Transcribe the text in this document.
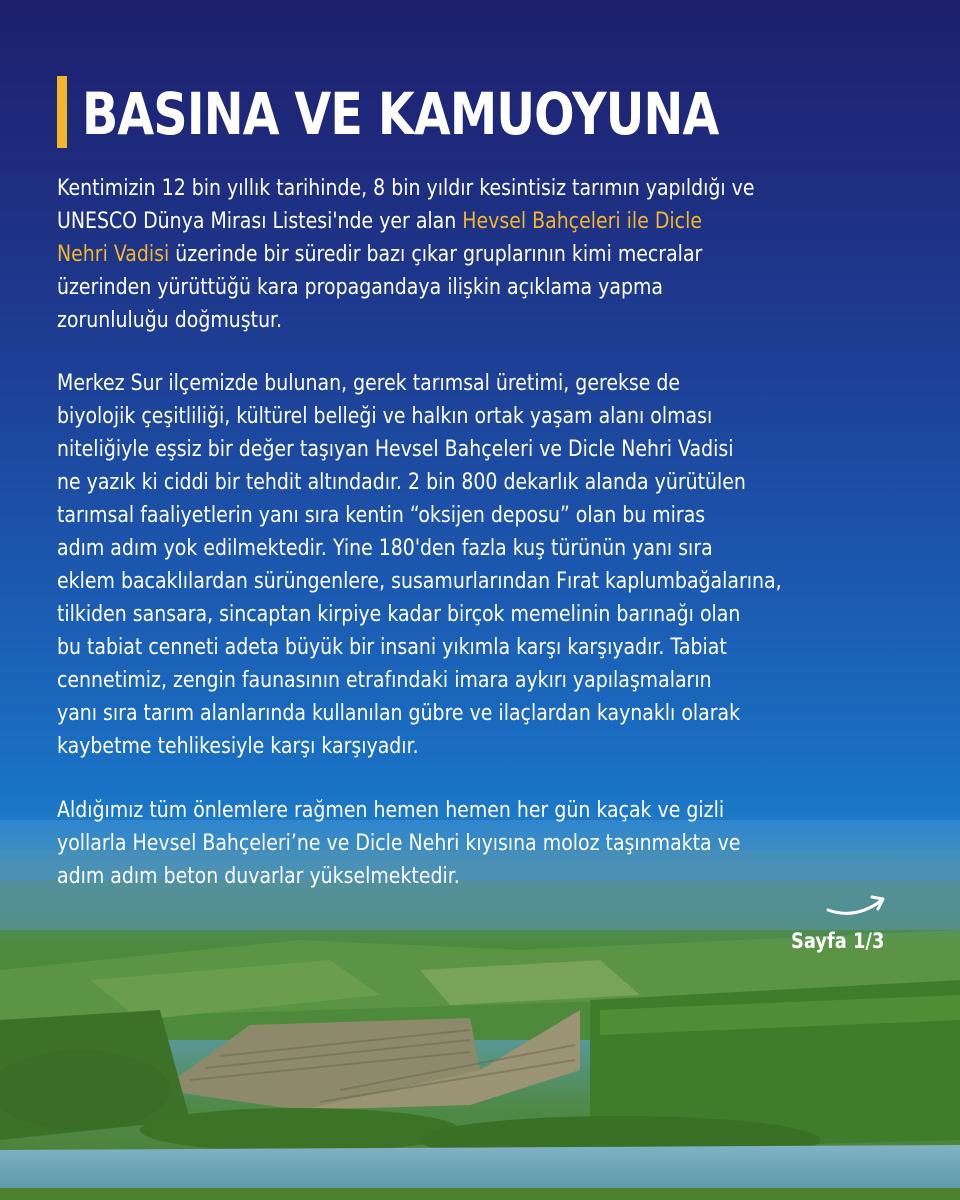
BASINA VE KAMUOYUNA

Kentimizin 12 bin yıllık tarihinde, 8 bin yıldır kesintisiz tarımın yapıldığı ve
UNESCO Dünya Mirası Listesi'nde yer alan Hevsel Bahçeleri ile Dicle
Nehri Vadisi üzerinde bir süredir bazı çıkar gruplarının kimi mecralar
üzerinden yürüttüğü kara propagandaya ilişkin açıklama yapma
zorunluluğu doğmuştur.

Merkez Sur ilçemizde bulunan, gerek tarımsal üretimi, gerekse de
biyolojik çeşitliliği, kültürel belleği ve halkın ortak yaşam alanı olması
niteliğiyle eşsiz bir değer taşıyan Hevsel Bahçeleri ve Dicle Nehri Vadisi
ne yazık ki ciddi bir tehdit altındadır. 2 bin 800 dekarlık alanda yürütülen
tarımsal faaliyetlerin yanı sıra kentin “oksijen deposu” olan bu miras
adım adım yok edilmektedir. Yine 180'den fazla kuş türünün yanı sıra
eklem bacaklılardan sürüngenlere, susamurlarından Fırat kaplumbağalarına,
tilkiden sansara, sincaptan kirpiye kadar birçok memelinin barınağı olan
bu tabiat cenneti adeta büyük bir insani yıkımla karşı karşıyadır. Tabiat
cennetimiz, zengin faunasının etrafındaki imara aykırı yapılaşmaların
yanı sıra tarım alanlarında kullanılan gübre ve ilaçlardan kaynaklı olarak
kaybetme tehlikesiyle karşı karşıyadır.

Aldığımız tüm önlemlere rağmen hemen hemen her gün kaçak ve gizli
yollarla Hevsel Bahçeleri’ne ve Dicle Nehri kıyısına moloz taşınmakta ve
adım adım beton duvarlar yükselmektedir.

Sayfa 1/3
